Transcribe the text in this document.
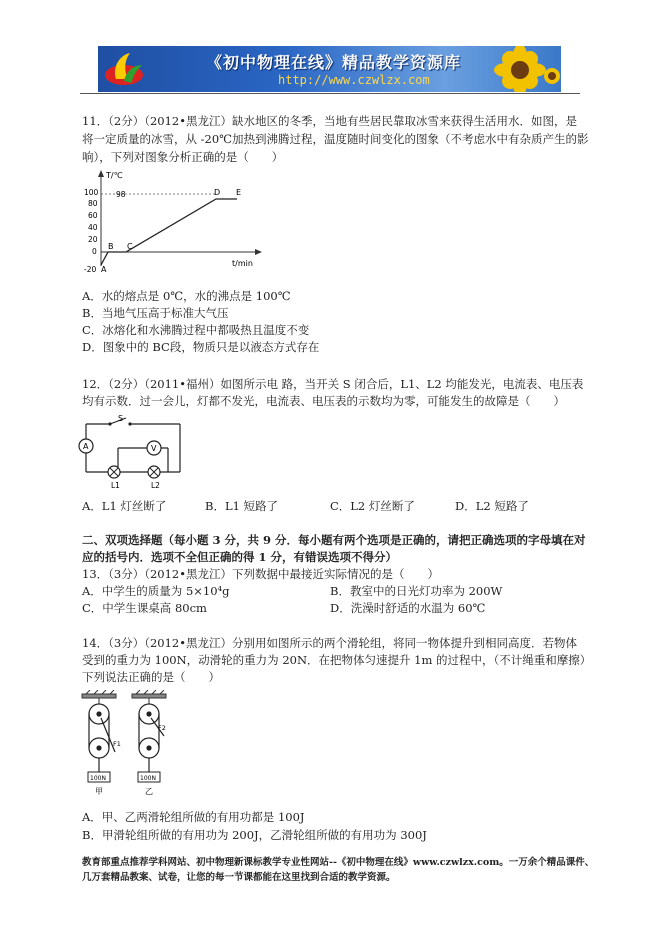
《初中物理在线》精品教学资源库
http://www.czwlzx.com
11．（2分）（2012•黑龙江）缺水地区的冬季，当地有些居民靠取冰雪来获得生活用水．如图，是
将一定质量的冰雪，从 -20℃加热到沸腾过程，温度随时间变化的图象（不考虑水中有杂质产生的影
响），下列对图象分析正确的是（　　）
T/℃
t/min
100
80
60
40
20
0
-20
98
A
B C
D E
A．水的熔点是 0℃，水的沸点是 100℃
B．当地气压高于标准大气压
C．冰熔化和水沸腾过程中都吸热且温度不变
D．图象中的 BC段，物质只是以液态方式存在
12．（2分）（2011•福州）如图所示电 路，当开关 S 闭合后，L1、L2 均能发光，电流表、电压表
均有示数．过一会儿，灯都不发光，电流表、电压表的示数均为零，可能发生的故障是（　　）
S
A	V
L1	L2
A．L1 灯丝断了	B．L1 短路了	C．L2 灯丝断了	D．L2 短路了
二、双项选择题（每小题 3 分，共 9 分．每小题有两个选项是正确的，请把正确选项的字母填在对
应的括号内．选项不全但正确的得 1 分，有错误选项不得分）
13．（3分）（2012•黑龙江）下列数据中最接近实际情况的是（　　）
A．中学生的质量为 5×10⁴g	B．教室中的日光灯功率为 200W
C．中学生课桌高 80cm	D．洗澡时舒适的水温为 60℃
14．（3分）（2012•黑龙江）分别用如图所示的两个滑轮组，将同一物体提升到相同高度．若物体
受到的重力为 100N，动滑轮的重力为 20N．在把物体匀速提升 1m 的过程中，（不计绳重和摩擦）
下列说法正确的是（　　）
F1
F2
100N	100N
甲	乙
A．甲、乙两滑轮组所做的有用功都是 100J
B．甲滑轮组所做的有用功为 200J，乙滑轮组所做的有用功为 300J
教育部重点推荐学科网站、初中物理新课标教学专业性网站--《初中物理在线》www.czwlzx.com。一万余个精品课件、
几万套精品教案、试卷，让您的每一节课都能在这里找到合适的教学资源。
